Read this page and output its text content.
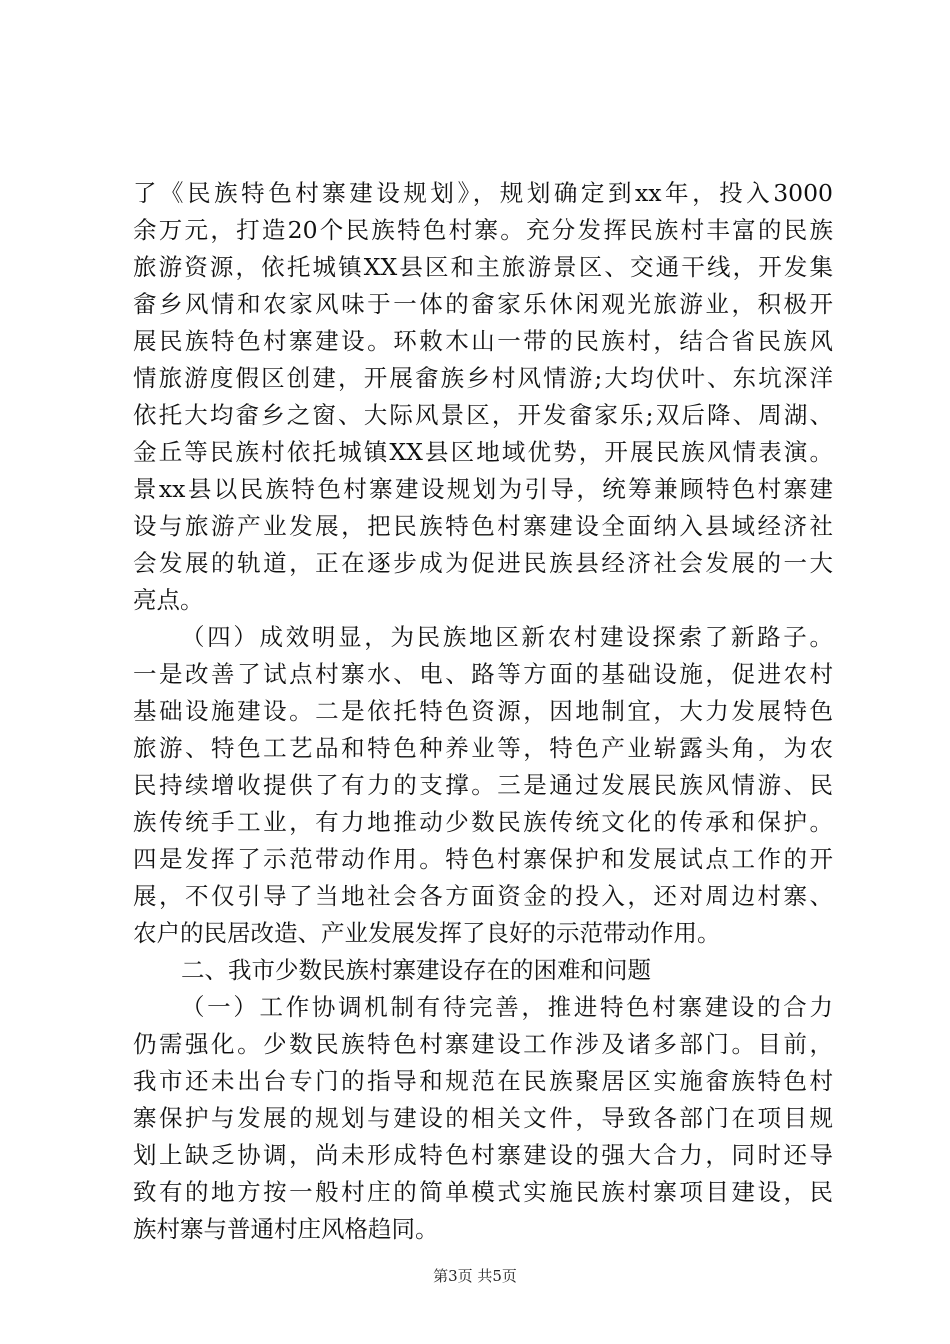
了《民族特色村寨建设规划》，规划确定到xx年，投入3000
余万元，打造20个民族特色村寨。充分发挥民族村丰富的民族
旅游资源，依托城镇XX县区和主旅游景区、交通干线，开发集
畲乡风情和农家风味于一体的畲家乐休闲观光旅游业，积极开
展民族特色村寨建设。环敕木山一带的民族村，结合省民族风
情旅游度假区创建，开展畲族乡村风情游;大均伏叶、东坑深洋
依托大均畲乡之窗、大际风景区，开发畲家乐;双后降、周湖、
金丘等民族村依托城镇XX县区地域优势，开展民族风情表演。
景xx县以民族特色村寨建设规划为引导，统筹兼顾特色村寨建
设与旅游产业发展，把民族特色村寨建设全面纳入县域经济社
会发展的轨道，正在逐步成为促进民族县经济社会发展的一大
亮点。
（四）成效明显，为民族地区新农村建设探索了新路子。
一是改善了试点村寨水、电、路等方面的基础设施，促进农村
基础设施建设。二是依托特色资源，因地制宜，大力发展特色
旅游、特色工艺品和特色种养业等，特色产业崭露头角，为农
民持续增收提供了有力的支撑。三是通过发展民族风情游、民
族传统手工业，有力地推动少数民族传统文化的传承和保护。
四是发挥了示范带动作用。特色村寨保护和发展试点工作的开
展，不仅引导了当地社会各方面资金的投入，还对周边村寨、
农户的民居改造、产业发展发挥了良好的示范带动作用。
二、我市少数民族村寨建设存在的困难和问题
（一）工作协调机制有待完善，推进特色村寨建设的合力
仍需强化。少数民族特色村寨建设工作涉及诸多部门。目前，
我市还未出台专门的指导和规范在民族聚居区实施畲族特色村
寨保护与发展的规划与建设的相关文件，导致各部门在项目规
划上缺乏协调，尚未形成特色村寨建设的强大合力，同时还导
致有的地方按一般村庄的简单模式实施民族村寨项目建设，民
族村寨与普通村庄风格趋同。
第3页 共5页
